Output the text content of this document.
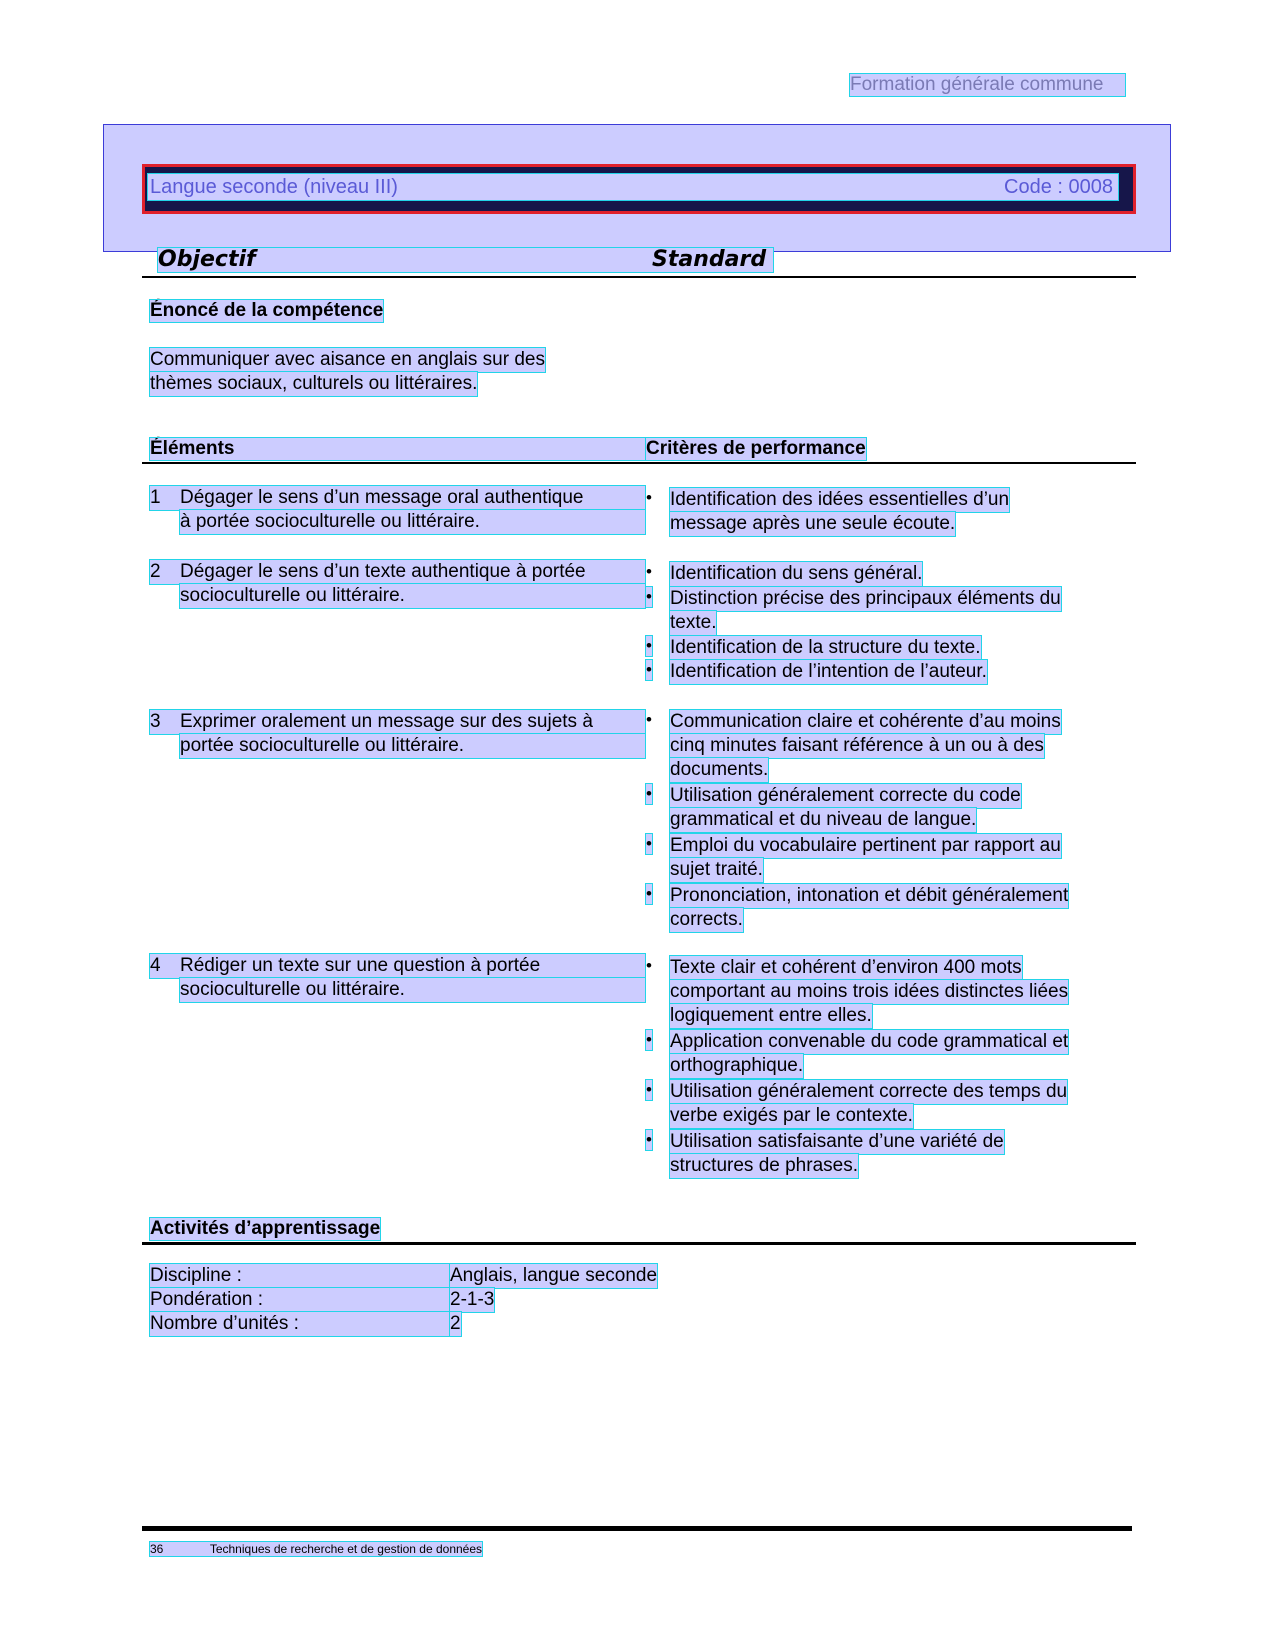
Formation générale commune
Langue seconde (niveau III)	Code : 0008
Objectif	Standard
Énoncé de la compétence
Communiquer avec aisance en anglais sur des
thèmes sociaux, culturels ou littéraires.
Éléments	Critères de performance
1 Dégager le sens d’un message oral authentique
à portée socioculturelle ou littéraire.
• Identification des idées essentielles d’un
message après une seule écoute.
2 Dégager le sens d’un texte authentique à portée
socioculturelle ou littéraire.
• Identification du sens général.
• Distinction précise des principaux éléments du
texte.
• Identification de la structure du texte.
• Identification de l’intention de l’auteur.
3 Exprimer oralement un message sur des sujets à
portée socioculturelle ou littéraire.
• Communication claire et cohérente d’au moins
cinq minutes faisant référence à un ou à des
documents.
• Utilisation généralement correcte du code
grammatical et du niveau de langue.
• Emploi du vocabulaire pertinent par rapport au
sujet traité.
• Prononciation, intonation et débit généralement
corrects.
4 Rédiger un texte sur une question à portée
socioculturelle ou littéraire.
• Texte clair et cohérent d’environ 400 mots
comportant au moins trois idées distinctes liées
logiquement entre elles.
• Application convenable du code grammatical et
orthographique.
• Utilisation généralement correcte des temps du
verbe exigés par le contexte.
• Utilisation satisfaisante d’une variété de
structures de phrases.
Activités d’apprentissage
Discipline :	Anglais, langue seconde
Pondération :	2-1-3
Nombre d’unités :	2
36	Techniques de recherche et de gestion de données
